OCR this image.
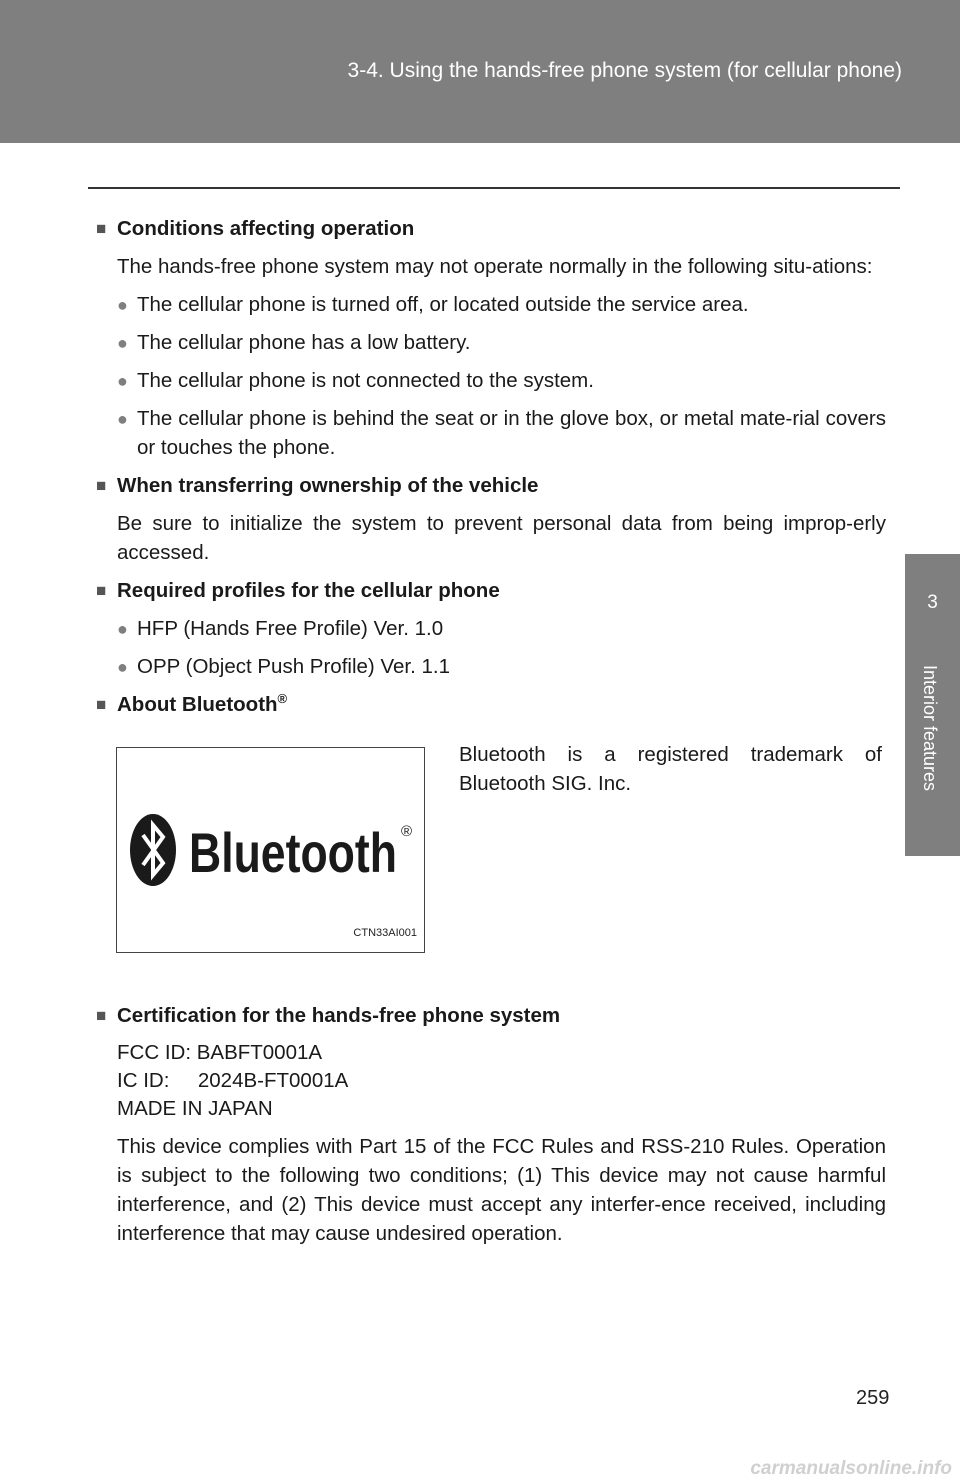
3-4. Using the hands-free phone system (for cellular phone)
3
Interior features
■ Conditions affecting operation
The hands-free phone system may not operate normally in the following situ-ations:
● The cellular phone is turned off, or located outside the service area.
● The cellular phone has a low battery.
● The cellular phone is not connected to the system.
● The cellular phone is behind the seat or in the glove box, or metal mate-rial covers or touches the phone.
■ When transferring ownership of the vehicle
Be sure to initialize the system to prevent personal data from being improp-erly accessed.
■ Required profiles for the cellular phone
● HFP (Hands Free Profile) Ver. 1.0
● OPP (Object Push Profile) Ver. 1.1
■ About Bluetooth®
Bluetooth ®
CTN33AI001
Bluetooth is a registered trademark of Bluetooth SIG. Inc.
■ Certification for the hands-free phone system
FCC ID: BABFT0001A
IC ID:     2024B-FT0001A
MADE IN JAPAN
This device complies with Part 15 of the FCC Rules and RSS-210 Rules. Operation is subject to the following two conditions; (1) This device may not cause harmful interference, and (2) This device must accept any interfer-ence received, including interference that may cause undesired operation.
259
carmanualsonline.info
